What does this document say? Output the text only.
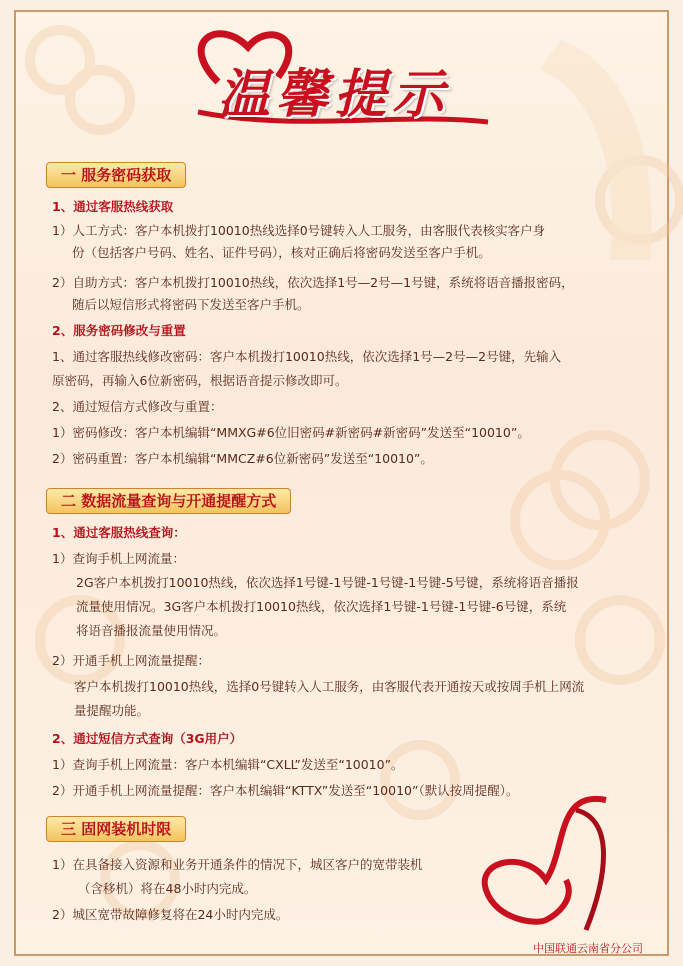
温馨提示
一 服务密码获取
1、通过客服热线获取
1）人工方式：客户本机拨打10010热线选择0号键转入人工服务，由客服代表核实客户身
份（包括客户号码、姓名、证件号码），核对正确后将密码发送至客户手机。
2）自助方式：客户本机拨打10010热线，依次选择1号—2号—1号键，系统将语音播报密码，
随后以短信形式将密码下发送至客户手机。
2、服务密码修改与重置
1、通过客服热线修改密码：客户本机拨打10010热线，依次选择1号—2号—2号键，先输入
原密码，再输入6位新密码，根据语音提示修改即可。
2、通过短信方式修改与重置：
1）密码修改：客户本机编辑“MMXG#6位旧密码#新密码#新密码”发送至“10010”。
2）密码重置：客户本机编辑“MMCZ#6位新密码”发送至“10010”。
二 数据流量查询与开通提醒方式
1、通过客服热线查询：
1）查询手机上网流量：
2G客户本机拨打10010热线，依次选择1号键-1号键-1号键-1号键-5号键，系统将语音播报
流量使用情况。3G客户本机拨打10010热线，依次选择1号键-1号键-1号键-6号键，系统
将语音播报流量使用情况。
2）开通手机上网流量提醒：
客户本机拨打10010热线，选择0号键转入人工服务，由客服代表开通按天或按周手机上网流
量提醒功能。
2、通过短信方式查询（3G用户）
1）查询手机上网流量：客户本机编辑“CXLL”发送至“10010”。
2）开通手机上网流量提醒：客户本机编辑“KTTX”发送至“10010”（默认按周提醒）。
三 固网装机时限
1）在具备接入资源和业务开通条件的情况下，城区客户的宽带装机
（含移机）将在48小时内完成。
2）城区宽带故障修复将在24小时内完成。
中国联通云南省分公司
